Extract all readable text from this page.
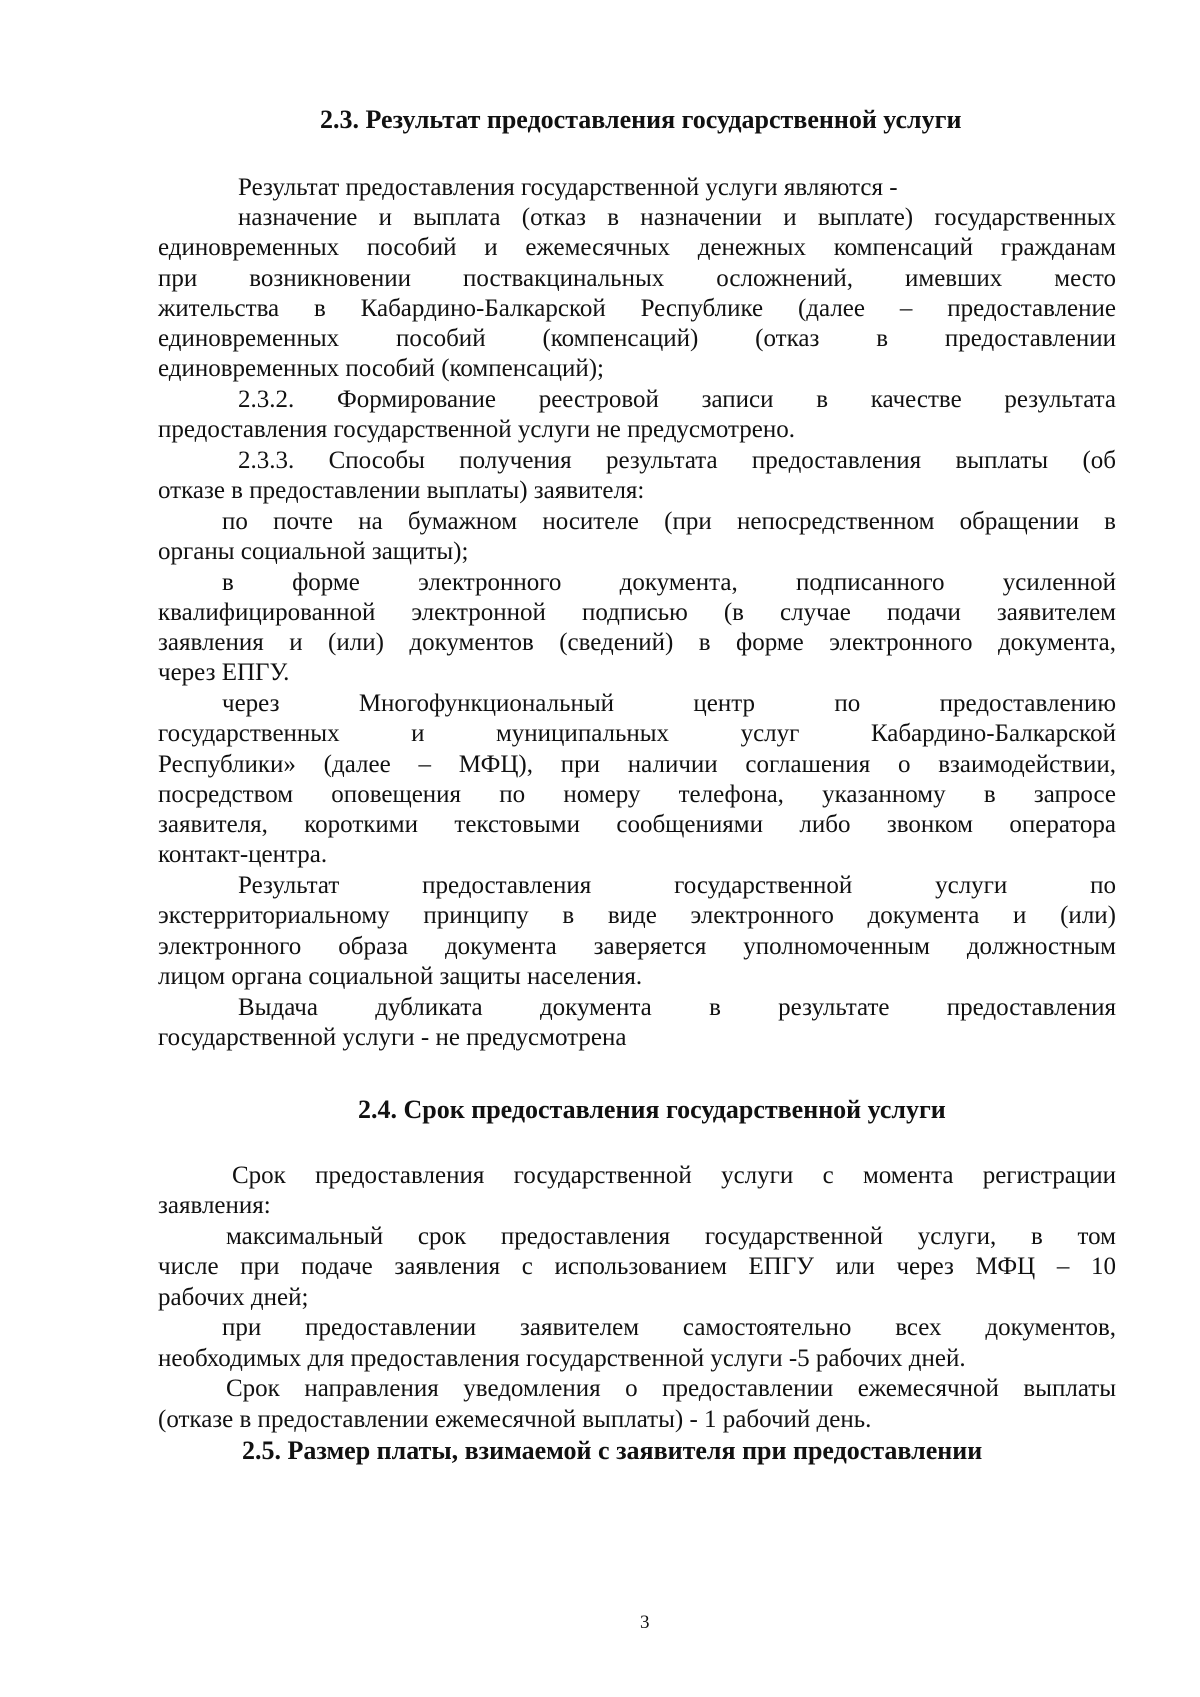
2.3. Результат предоставления государственной услуги
Результат предоставления государственной услуги являются -
назначение и выплата (отказ в назначении и выплате) государственных
единовременных пособий и ежемесячных денежных компенсаций гражданам
при возникновении поствакцинальных осложнений, имевших место
жительства в Кабардино-Балкарской Республике (далее – предоставление
единовременных пособий (компенсаций) (отказ в предоставлении
единовременных пособий (компенсаций);
2.3.2. Формирование реестровой записи в качестве результата
предоставления государственной услуги не предусмотрено.
2.3.3. Способы получения результата предоставления выплаты (об
отказе в предоставлении выплаты) заявителя:
по почте на бумажном носителе (при непосредственном обращении в
органы социальной защиты);
в форме электронного документа, подписанного усиленной
квалифицированной электронной подписью (в случае подачи заявителем
заявления и (или) документов (сведений) в форме электронного документа,
через ЕПГУ.
через Многофункциональный центр по предоставлению
государственных и муниципальных услуг Кабардино-Балкарской
Республики» (далее – МФЦ), при наличии соглашения о взаимодействии,
посредством оповещения по номеру телефона, указанному в запросе
заявителя, короткими текстовыми сообщениями либо звонком оператора
контакт-центра.
Результат предоставления государственной услуги по
экстерриториальному принципу в виде электронного документа и (или)
электронного образа документа заверяется уполномоченным должностным
лицом органа социальной защиты населения.
Выдача дубликата документа в результате предоставления
государственной услуги - не предусмотрена
2.4. Срок предоставления государственной услуги
Срок предоставления государственной услуги с момента регистрации
заявления:
максимальный срок предоставления государственной услуги, в том
числе при подаче заявления с использованием ЕПГУ или через МФЦ – 10
рабочих дней;
при предоставлении заявителем самостоятельно всех документов,
необходимых для предоставления государственной услуги -5 рабочих дней.
Срок направления уведомления о предоставлении ежемесячной выплаты
(отказе в предоставлении ежемесячной выплаты) - 1 рабочий день.
2.5. Размер платы, взимаемой с заявителя при предоставлении
3
